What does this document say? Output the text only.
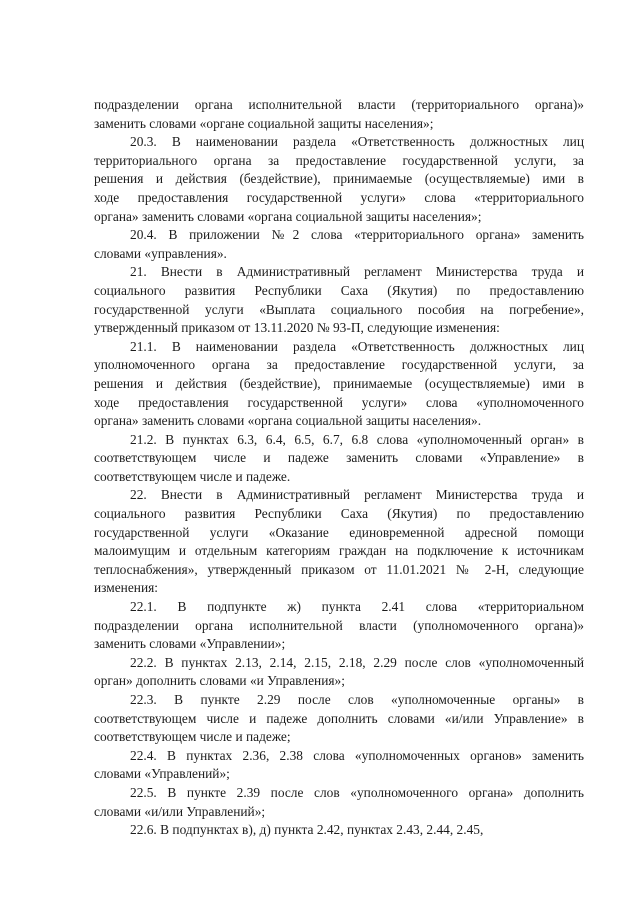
подразделении органа исполнительной власти (территориального органа)»
заменить словами «органе социальной защиты населения»;
20.3. В наименовании раздела «Ответственность должностных лиц
территориального органа за предоставление государственной услуги, за
решения и действия (бездействие), принимаемые (осуществляемые) ими в
ходе предоставления государственной услуги» слова «территориального
органа» заменить словами «органа социальной защиты населения»;
20.4. В приложении №2 слова «территориального органа» заменить
словами «управления».
21. Внести в Административный регламент Министерства труда и
социального развития Республики Саха (Якутия) по предоставлению
государственной услуги «Выплата социального пособия на погребение»,
утвержденный приказом от 13.11.2020 № 93-П, следующие изменения:
21.1. В наименовании раздела «Ответственность должностных лиц
уполномоченного органа за предоставление государственной услуги, за
решения и действия (бездействие), принимаемые (осуществляемые) ими в
ходе предоставления государственной услуги» слова «уполномоченного
органа» заменить словами «органа социальной защиты населения».
21.2. В пунктах 6.3, 6.4, 6.5, 6.7, 6.8 слова «уполномоченный орган» в
соответствующем числе и падеже заменить словами «Управление» в
соответствующем числе и падеже.
22. Внести в Административный регламент Министерства труда и
социального развития Республики Саха (Якутия) по предоставлению
государственной услуги «Оказание единовременной адресной помощи
малоимущим и отдельным категориям граждан на подключение к источникам
теплоснабжения», утвержденный приказом от 11.01.2021 № 2-Н, следующие
изменения:
22.1. В подпункте ж) пункта 2.41 слова «территориальном
подразделении органа исполнительной власти (уполномоченного органа)»
заменить словами «Управлении»;
22.2. В пунктах 2.13, 2.14, 2.15, 2.18, 2.29 после слов «уполномоченный
орган» дополнить словами «и Управления»;
22.3. В пункте 2.29 после слов «уполномоченные органы» в
соответствующем числе и падеже дополнить словами «и/или Управление» в
соответствующем числе и падеже;
22.4. В пунктах 2.36, 2.38 слова «уполномоченных органов» заменить
словами «Управлений»;
22.5. В пункте 2.39 после слов «уполномоченного органа» дополнить
словами «и/или Управлений»;
22.6. В подпунктах в), д) пункта 2.42, пунктах 2.43, 2.44, 2.45,
